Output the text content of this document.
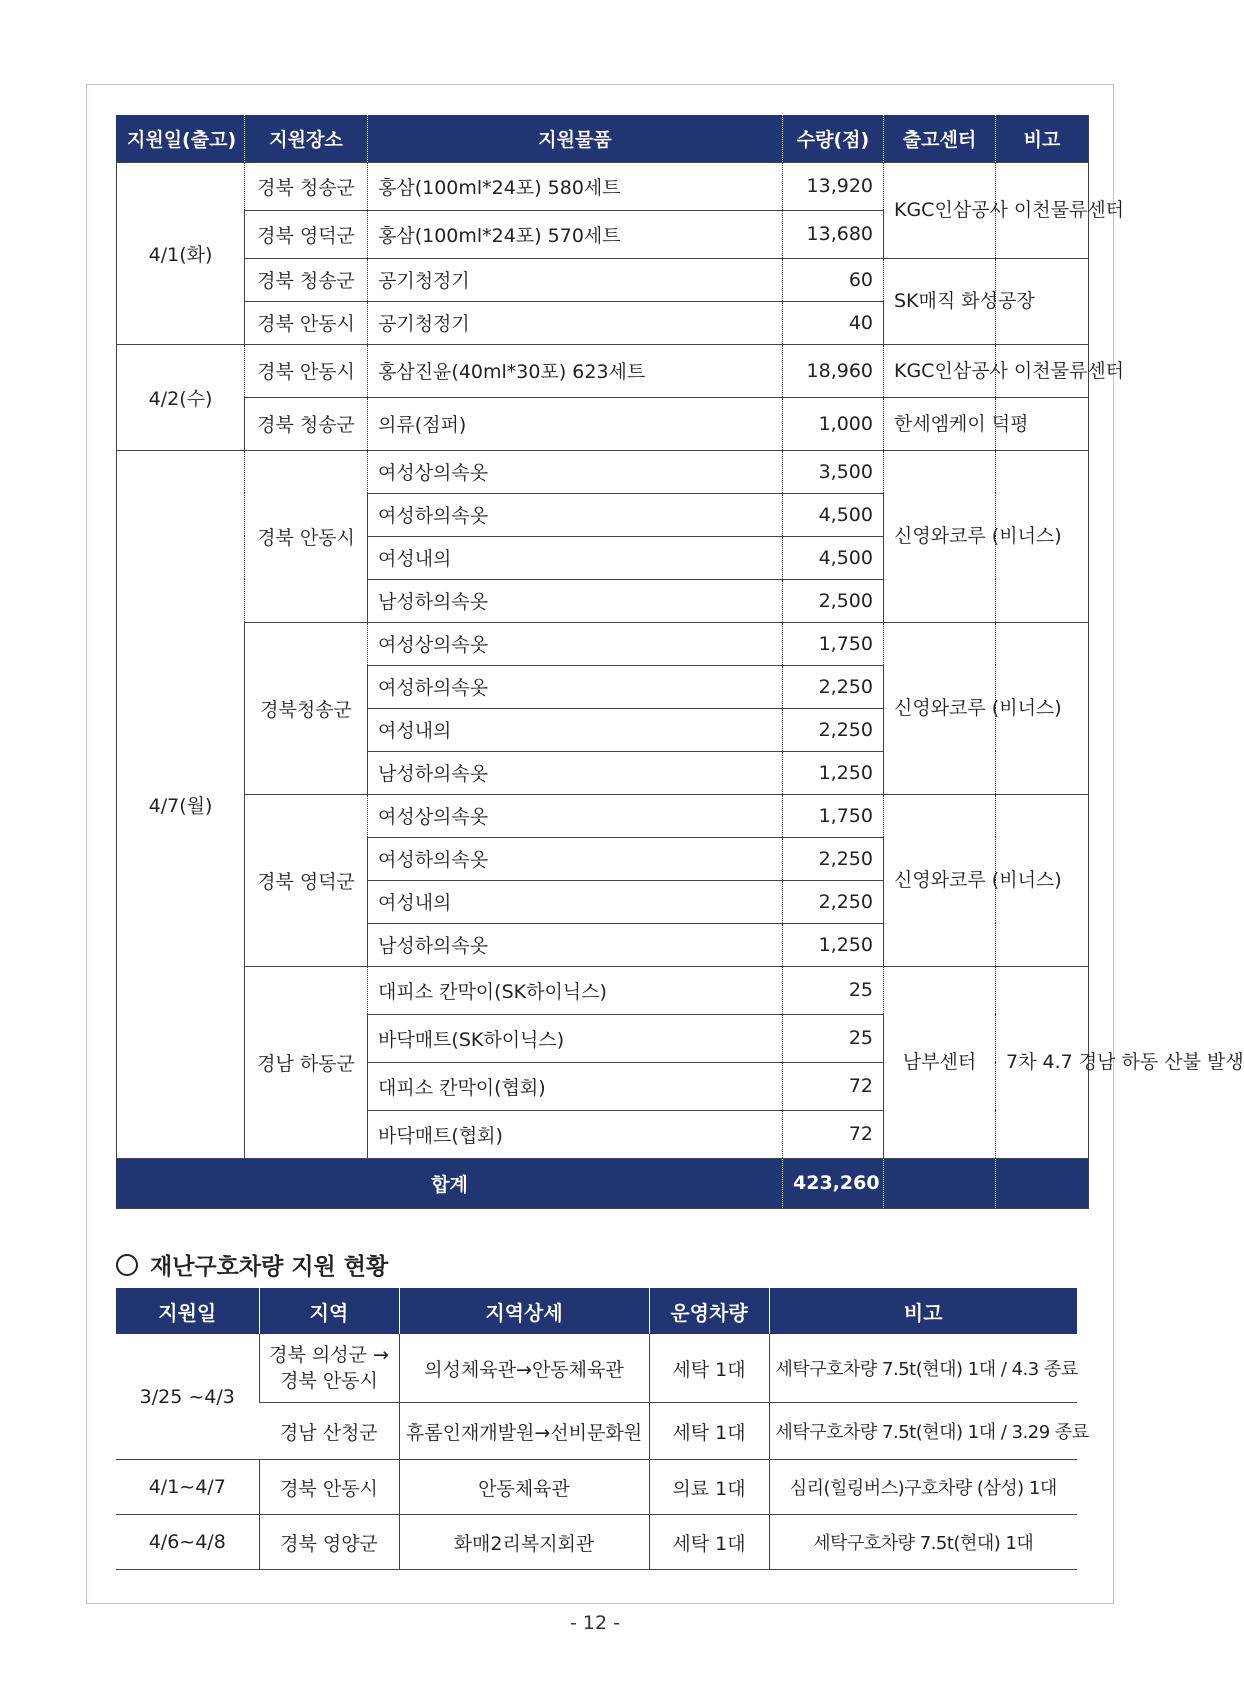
지원일(출고)	지원장소	지원물품	수량(점)	출고센터	비고
4/1(화)	경북 청송군	홍삼(100ml*24포) 580세트	13,920	KGC인삼공사 이천물류센터	
	경북 영덕군	홍삼(100ml*24포) 570세트	13,680		
	경북 청송군	공기청정기	60	SK매직 화성공장	
	경북 안동시	공기청정기	40		
4/2(수)	경북 안동시	홍삼진윤(40ml*30포) 623세트	18,960	KGC인삼공사 이천물류센터	
	경북 청송군	의류(점퍼)	1,000	한세엠케이 덕평	
4/7(월)	경북 안동시	여성상의속옷	3,500	신영와코루 (비너스)	
		여성하의속옷	4,500		
		여성내의	4,500		
		남성하의속옷	2,500		
	경북청송군	여성상의속옷	1,750	신영와코루 (비너스)	
		여성하의속옷	2,250		
		여성내의	2,250		
		남성하의속옷	1,250		
	경북 영덕군	여성상의속옷	1,750	신영와코루 (비너스)	
		여성하의속옷	2,250		
		여성내의	2,250		
		남성하의속옷	1,250		
	경남 하동군	대피소 칸막이(SK하이닉스)	25	남부센터	7차 4.7 경남 하동 산불 발생
		바닥매트(SK하이닉스)	25		
		대피소 칸막이(협회)	72		
		바닥매트(협회)	72		
합계			423,260		
재난구호차량 지원 현황
지원일	지역	지역상세	운영차량	비고
3/25 ~4/3	경북 의성군 →경북 안동시	의성체육관→안동체육관	세탁 1대	세탁구호차량 7.5t(현대) 1대 / 4.3 종료
	경남 산청군	휴롬인재개발원→선비문화원	세탁 1대	세탁구호차량 7.5t(현대) 1대 / 3.29 종료
4/1~4/7	경북 안동시	안동체육관	의료 1대	심리(힐링버스)구호차량 (삼성) 1대
4/6~4/8	경북 영양군	화매2리복지회관	세탁 1대	세탁구호차량 7.5t(현대) 1대
- 12 -
